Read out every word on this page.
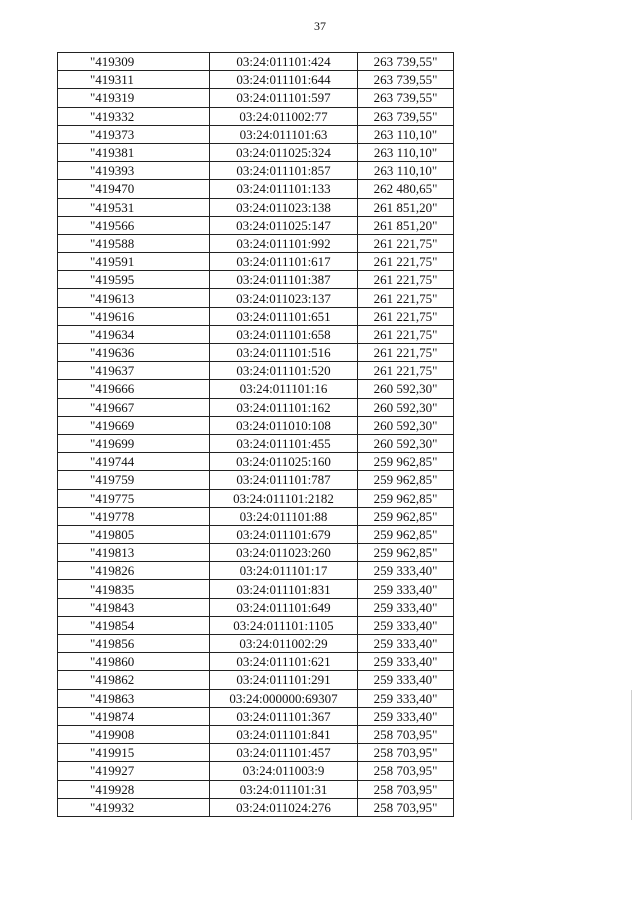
37
"419309	03:24:011101:424	263 739,55"
"419311	03:24:011101:644	263 739,55"
"419319	03:24:011101:597	263 739,55"
"419332	03:24:011002:77	263 739,55"
"419373	03:24:011101:63	263 110,10"
"419381	03:24:011025:324	263 110,10"
"419393	03:24:011101:857	263 110,10"
"419470	03:24:011101:133	262 480,65"
"419531	03:24:011023:138	261 851,20"
"419566	03:24:011025:147	261 851,20"
"419588	03:24:011101:992	261 221,75"
"419591	03:24:011101:617	261 221,75"
"419595	03:24:011101:387	261 221,75"
"419613	03:24:011023:137	261 221,75"
"419616	03:24:011101:651	261 221,75"
"419634	03:24:011101:658	261 221,75"
"419636	03:24:011101:516	261 221,75"
"419637	03:24:011101:520	261 221,75"
"419666	03:24:011101:16	260 592,30"
"419667	03:24:011101:162	260 592,30"
"419669	03:24:011010:108	260 592,30"
"419699	03:24:011101:455	260 592,30"
"419744	03:24:011025:160	259 962,85"
"419759	03:24:011101:787	259 962,85"
"419775	03:24:011101:2182	259 962,85"
"419778	03:24:011101:88	259 962,85"
"419805	03:24:011101:679	259 962,85"
"419813	03:24:011023:260	259 962,85"
"419826	03:24:011101:17	259 333,40"
"419835	03:24:011101:831	259 333,40"
"419843	03:24:011101:649	259 333,40"
"419854	03:24:011101:1105	259 333,40"
"419856	03:24:011002:29	259 333,40"
"419860	03:24:011101:621	259 333,40"
"419862	03:24:011101:291	259 333,40"
"419863	03:24:000000:69307	259 333,40"
"419874	03:24:011101:367	259 333,40"
"419908	03:24:011101:841	258 703,95"
"419915	03:24:011101:457	258 703,95"
"419927	03:24:011003:9	258 703,95"
"419928	03:24:011101:31	258 703,95"
"419932	03:24:011024:276	258 703,95"
